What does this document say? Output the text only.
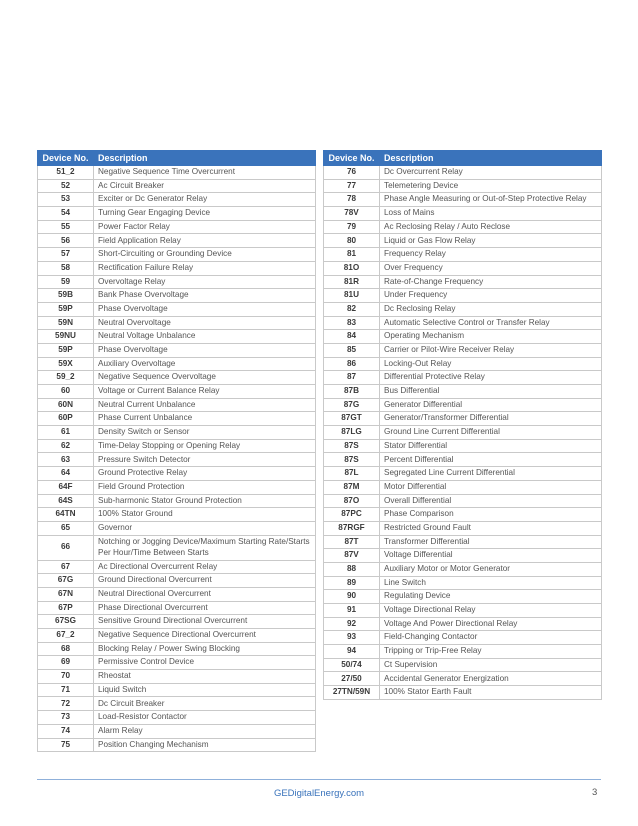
Device No.	Description
51_2	Negative Sequence Time Overcurrent
52	Ac Circuit Breaker
53	Exciter or Dc Generator Relay
54	Turning Gear Engaging Device
55	Power Factor Relay
56	Field Application Relay
57	Short-Circuiting or Grounding Device
58	Rectification Failure Relay
59	Overvoltage Relay
59B	Bank Phase Overvoltage
59P	Phase Overvoltage
59N	Neutral Overvoltage
59NU	Neutral Voltage Unbalance
59P	Phase Overvoltage
59X	Auxiliary Overvoltage
59_2	Negative Sequence Overvoltage
60	Voltage or Current Balance Relay
60N	Neutral Current Unbalance
60P	Phase Current Unbalance
61	Density Switch or Sensor
62	Time-Delay Stopping or Opening Relay
63	Pressure Switch Detector
64	Ground Protective Relay
64F	Field Ground Protection
64S	Sub-harmonic Stator Ground Protection
64TN	100% Stator Ground
65	Governor
66	Notching or Jogging Device/Maximum Starting Rate/Starts Per Hour/Time Between Starts
67	Ac Directional Overcurrent Relay
67G	Ground Directional Overcurrent
67N	Neutral Directional Overcurrent
67P	Phase Directional Overcurrent
67SG	Sensitive Ground Directional Overcurrent
67_2	Negative Sequence Directional Overcurrent
68	Blocking Relay / Power Swing Blocking
69	Permissive Control Device
70	Rheostat
71	Liquid Switch
72	Dc Circuit Breaker
73	Load-Resistor Contactor
74	Alarm Relay
75	Position Changing Mechanism
Device No.	Description
76	Dc Overcurrent Relay
77	Telemetering Device
78	Phase Angle Measuring or Out-of-Step Protective Relay
78V	Loss of Mains
79	Ac Reclosing Relay / Auto Reclose
80	Liquid or Gas Flow Relay
81	Frequency Relay
81O	Over Frequency
81R	Rate-of-Change Frequency
81U	Under Frequency
82	Dc Reclosing Relay
83	Automatic Selective Control or Transfer Relay
84	Operating Mechanism
85	Carrier or Pilot-Wire Receiver Relay
86	Locking-Out Relay
87	Differential Protective Relay
87B	Bus Differential
87G	Generator Differential
87GT	Generator/Transformer Differential
87LG	Ground Line Current Differential
87S	Stator Differential
87S	Percent Differential
87L	Segregated Line Current Differential
87M	Motor Differential
87O	Overall Differential
87PC	Phase Comparison
87RGF	Restricted Ground Fault
87T	Transformer Differential
87V	Voltage Differential
88	Auxiliary Motor or Motor Generator
89	Line Switch
90	Regulating Device
91	Voltage Directional Relay
92	Voltage And Power Directional Relay
93	Field-Changing Contactor
94	Tripping or Trip-Free Relay
50/74	Ct Supervision
27/50	Accidental Generator Energization
27TN/59N	100% Stator Earth Fault
GEDigitalEnergy.com	3
